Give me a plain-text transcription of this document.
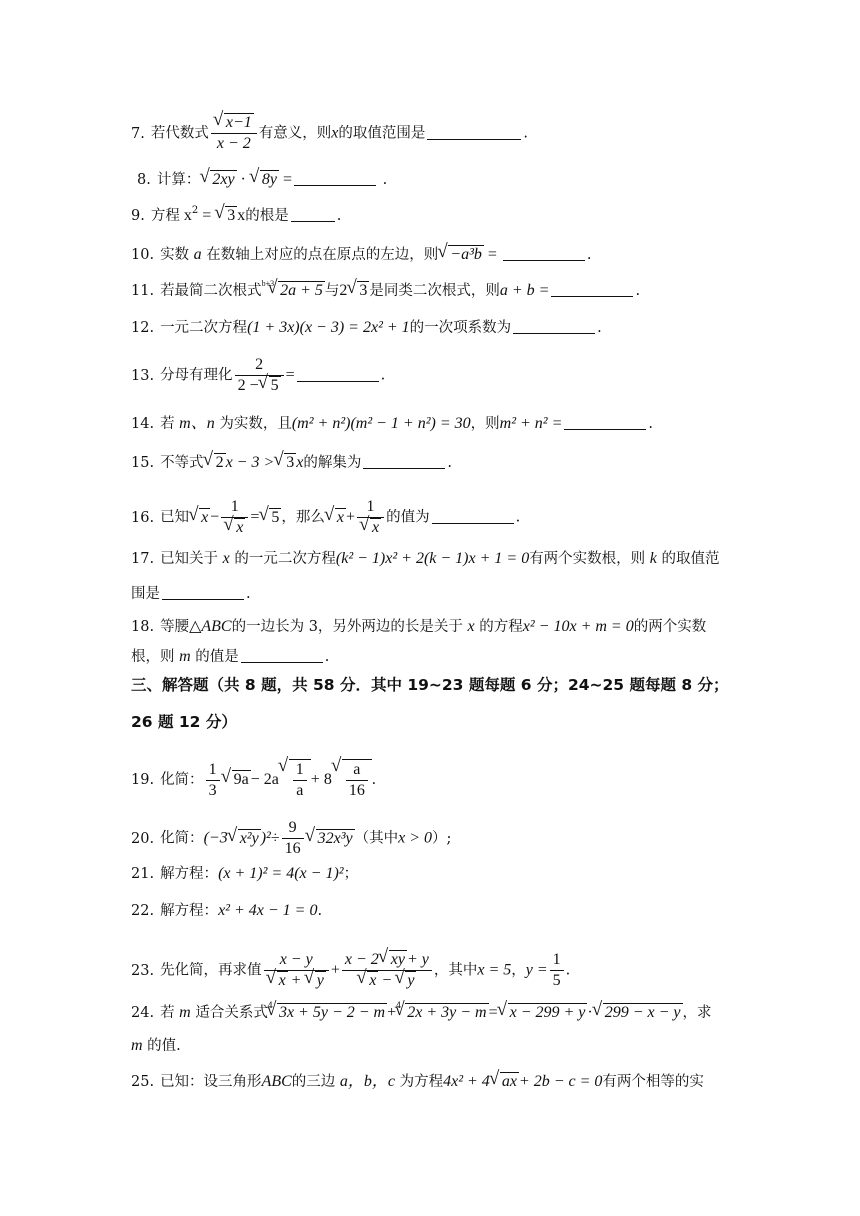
7. 若代数式 √ $\frac{x-1}{x - 2}$ 有意义，则x的取值范围是	.
8. 计算： √ 2xy · √ 8y =	.
9. 方程 $x^2$ = √ 3 x的根是	.
10. 实数 a 在数轴上对应的点在原点的左边，则 √ −a³b =	.
11. 若最简二次根式$^{b+3}$ √ 2a + 5 与2 √ 3 是同类二次根式，则a + b =	.
12. 一元二次方程(1 + 3x)(x − 3) = 2x² + 1的一次项系数为	.
13. 分母有理化 $\frac{2}{2 - √ 5}$ =	.
14. 若 m、n 为实数，且(m² + n²)(m² − 1 + n²) = 30，则m² + n² =	.
15. 不等式 √ 2 x − 3 > √ 3 x的解集为	.
16. 已知 √ x − 1
√ x = √ 5 ，那么 √ x + 1
√ x 的值为	.
17. 已知关于 x 的一元二次方程(k² − 1)x² + 2(k − 1)x + 1 = 0有两个实数根，则 k 的取值范
围是	.
18. 等腰△ABC的一边长为 3，另外两边的长是关于 x 的方程x² − 10x + m = 0的两个实数
根，则 m 的值是	.
三、解答题（共 8 题，共 58 分．其中 19~23 题每题 6 分；24~25 题每题 8 分；
26 题 12 分）
19. 化简： $\frac{1}{3}$ √ 9a − 2a √ $\frac{1}{a} + 8$ √ $\frac{a}{16}$ .
20. 化简：(−3 √ x²y )$^2\div \frac{9}{16}$ √ 32x³y （其中x > 0）;
21. 解方程：(x + 1)² = 4(x − 1)²；
22. 解方程：x² + 4x − 1 = 0.
23. 先化简，再求值 x − y
√ x + √ y + x − 2 √ xy + y
√ x − √ y ，其中x = 5，$y = \frac{1}{5}$ .
24. 若 m 适合关系式$^4$ √ 3x + 5y − 2 − m +$^4$ √ 2x + 3y − m = √ x − 299 + y · √ 299 − x − y ，求
m 的值.
25. 已知：设三角形ABC的三边 a，b，c 为方程4x² + 4 √ ax + 2b − c = 0有两个相等的实
